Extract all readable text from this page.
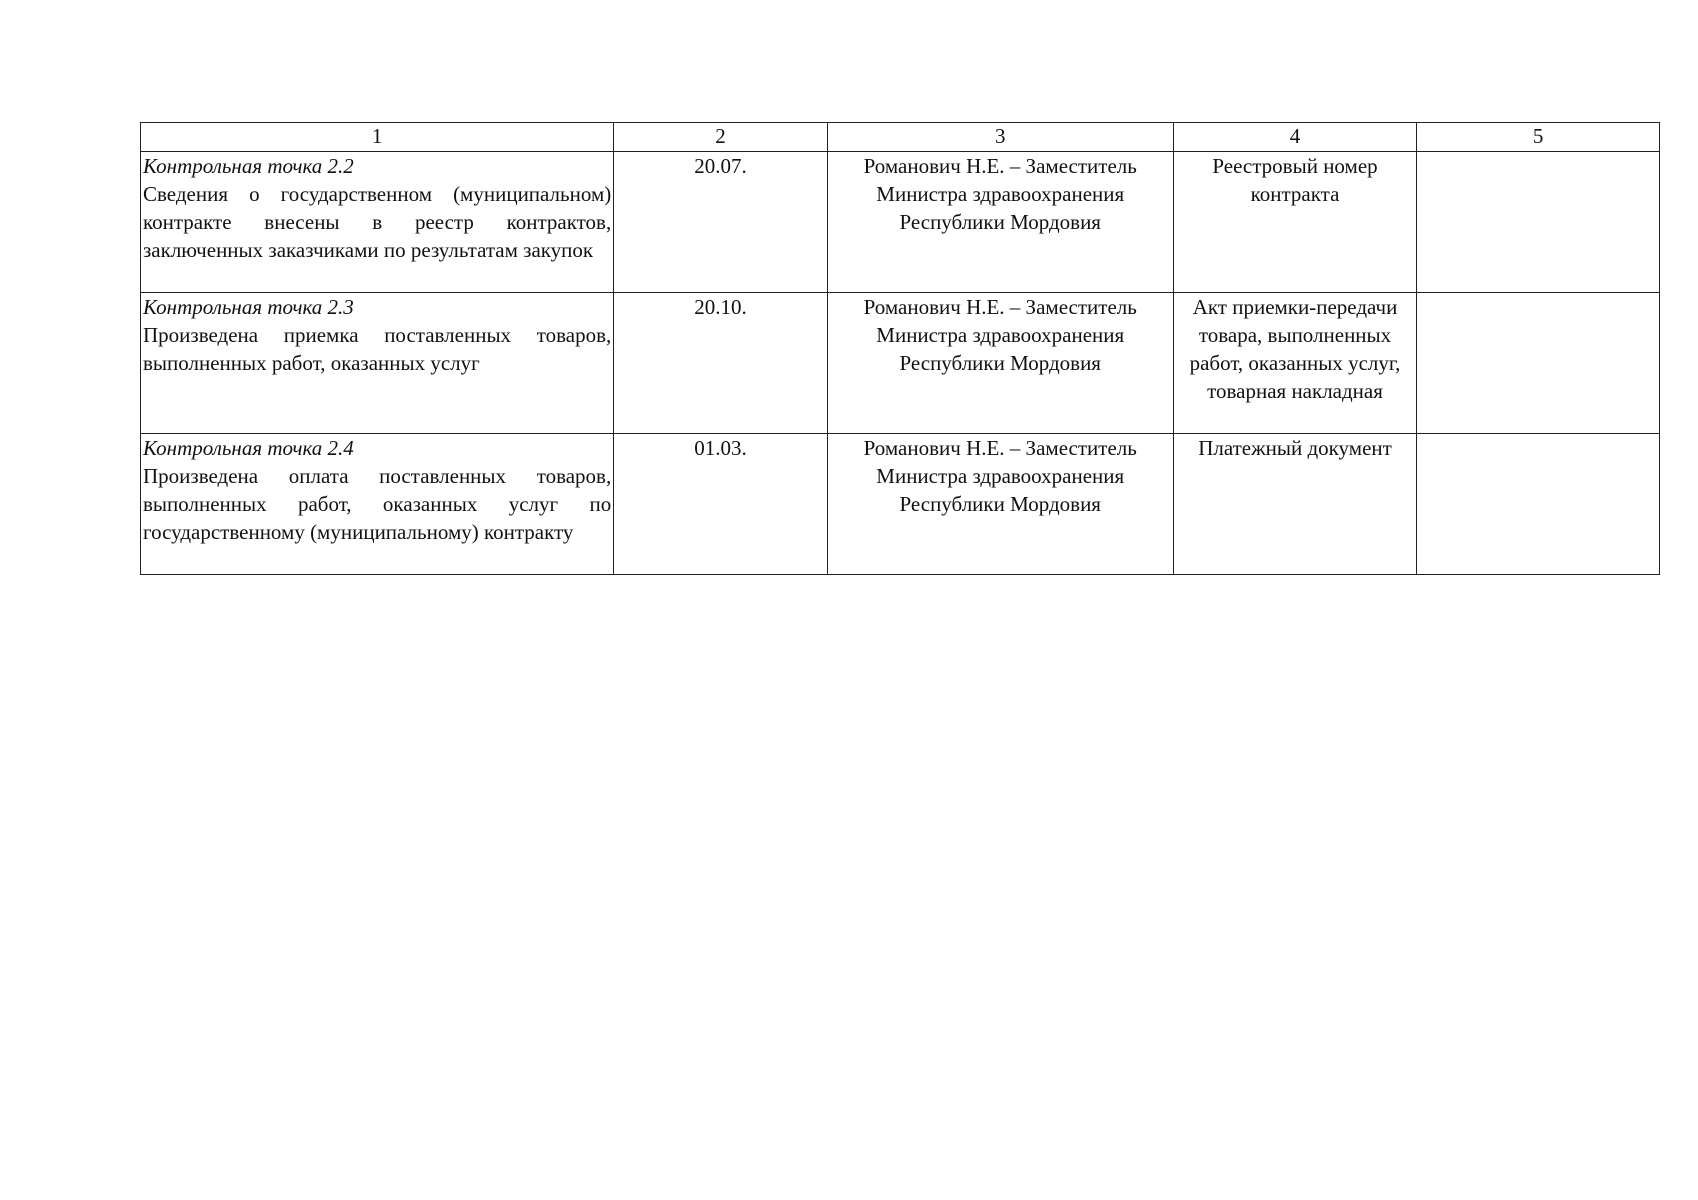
1	2	3	4	5

Контрольная точка 2.2
Сведения о государственном (муниципальном) контракте внесены в реестр контрактов, заключенных заказчиками по результатам закупок	20.07.	Романович Н.Е. – Заместитель Министра здравоохранения Республики Мордовия	Реестровый номер контракта	

Контрольная точка 2.3
Произведена приемка поставленных товаров, выполненных работ, оказанных услуг	20.10.	Романович Н.Е. – Заместитель Министра здравоохранения Республики Мордовия	Акт приемки-передачи товара, выполненных работ, оказанных услуг, товарная накладная	

Контрольная точка 2.4
Произведена оплата поставленных товаров, выполненных работ, оказанных услуг по государственному (муниципальному) контракту	01.03.	Романович Н.Е. – Заместитель Министра здравоохранения Республики Мордовия	Платежный документ	
